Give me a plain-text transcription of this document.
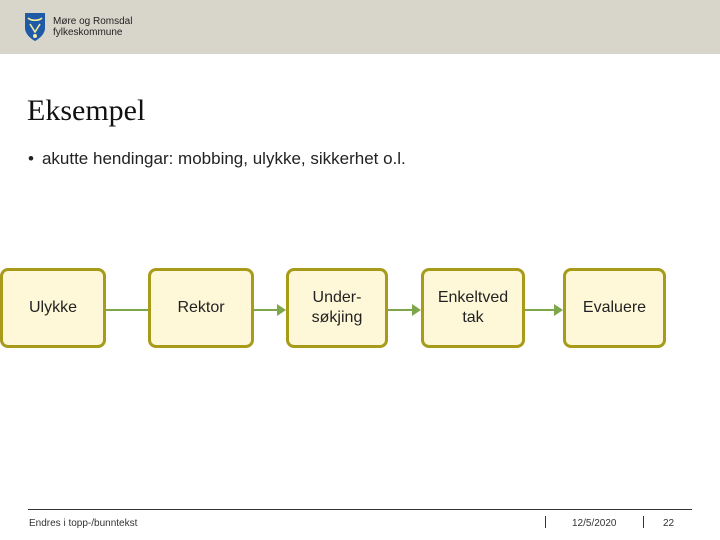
Møre og Romsdal
fylkeskommune
Eksempel
• akutte hendingar: mobbing, ulykke, sikkerhet o.l.
Ulykke	Rektor
Under-
søkjing
Enkeltved
tak
Evaluere
Endres i topp-/bunntekst	12/5/2020	22
